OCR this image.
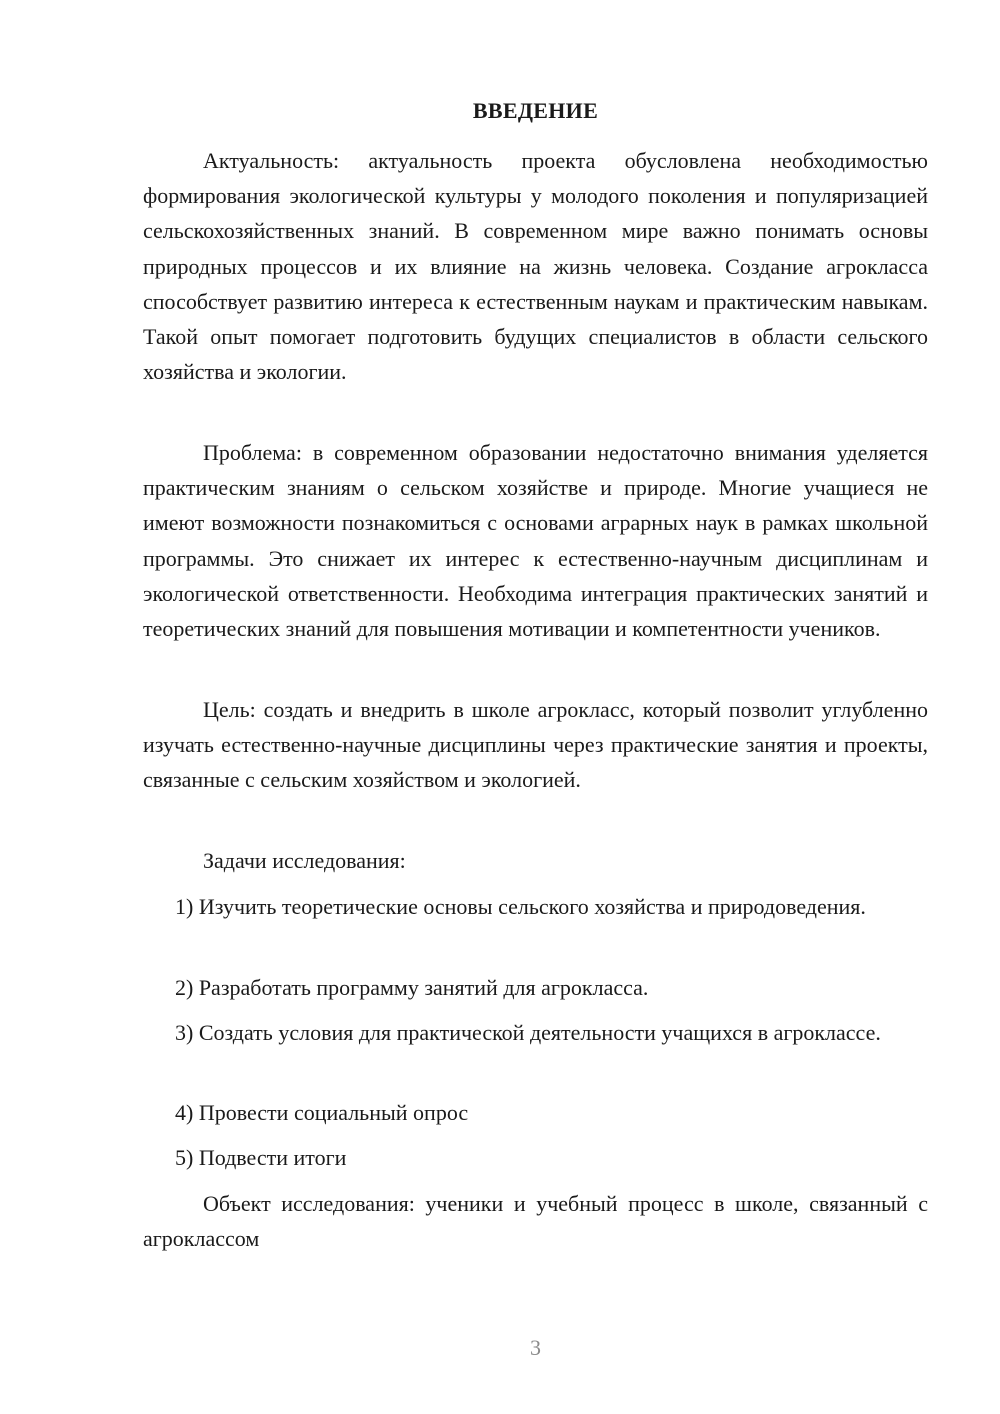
ВВЕДЕНИЕ

Актуальность: актуальность проекта обусловлена необходимостью формирования экологической культуры у молодого поколения и популяризацией сельскохозяйственных знаний. В современном мире важно понимать основы природных процессов и их влияние на жизнь человека. Создание агрокласса способствует развитию интереса к естественным наукам и практическим навыкам. Такой опыт помогает подготовить будущих специалистов в области сельского хозяйства и экологии.

Проблема: в современном образовании недостаточно внимания уделяется практическим знаниям о сельском хозяйстве и природе. Многие учащиеся не имеют возможности познакомиться с основами аграрных наук в рамках школьной программы. Это снижает их интерес к естественно-научным дисциплинам и экологической ответственности. Необходима интеграция практических занятий и теоретических знаний для повышения мотивации и компетентности учеников.

Цель: создать и внедрить в школе агрокласс, который позволит углубленно изучать естественно-научные дисциплины через практические занятия и проекты, связанные с сельским хозяйством и экологией.

Задачи исследования:

1) Изучить теоретические основы сельского хозяйства и природоведения.

2) Разработать программу занятий для агрокласса.

3) Создать условия для практической деятельности учащихся в агроклассе.

4) Провести социальный опрос

5) Подвести итоги

Объект исследования: ученики и учебный процесс в школе, связанный с агроклассом

3
